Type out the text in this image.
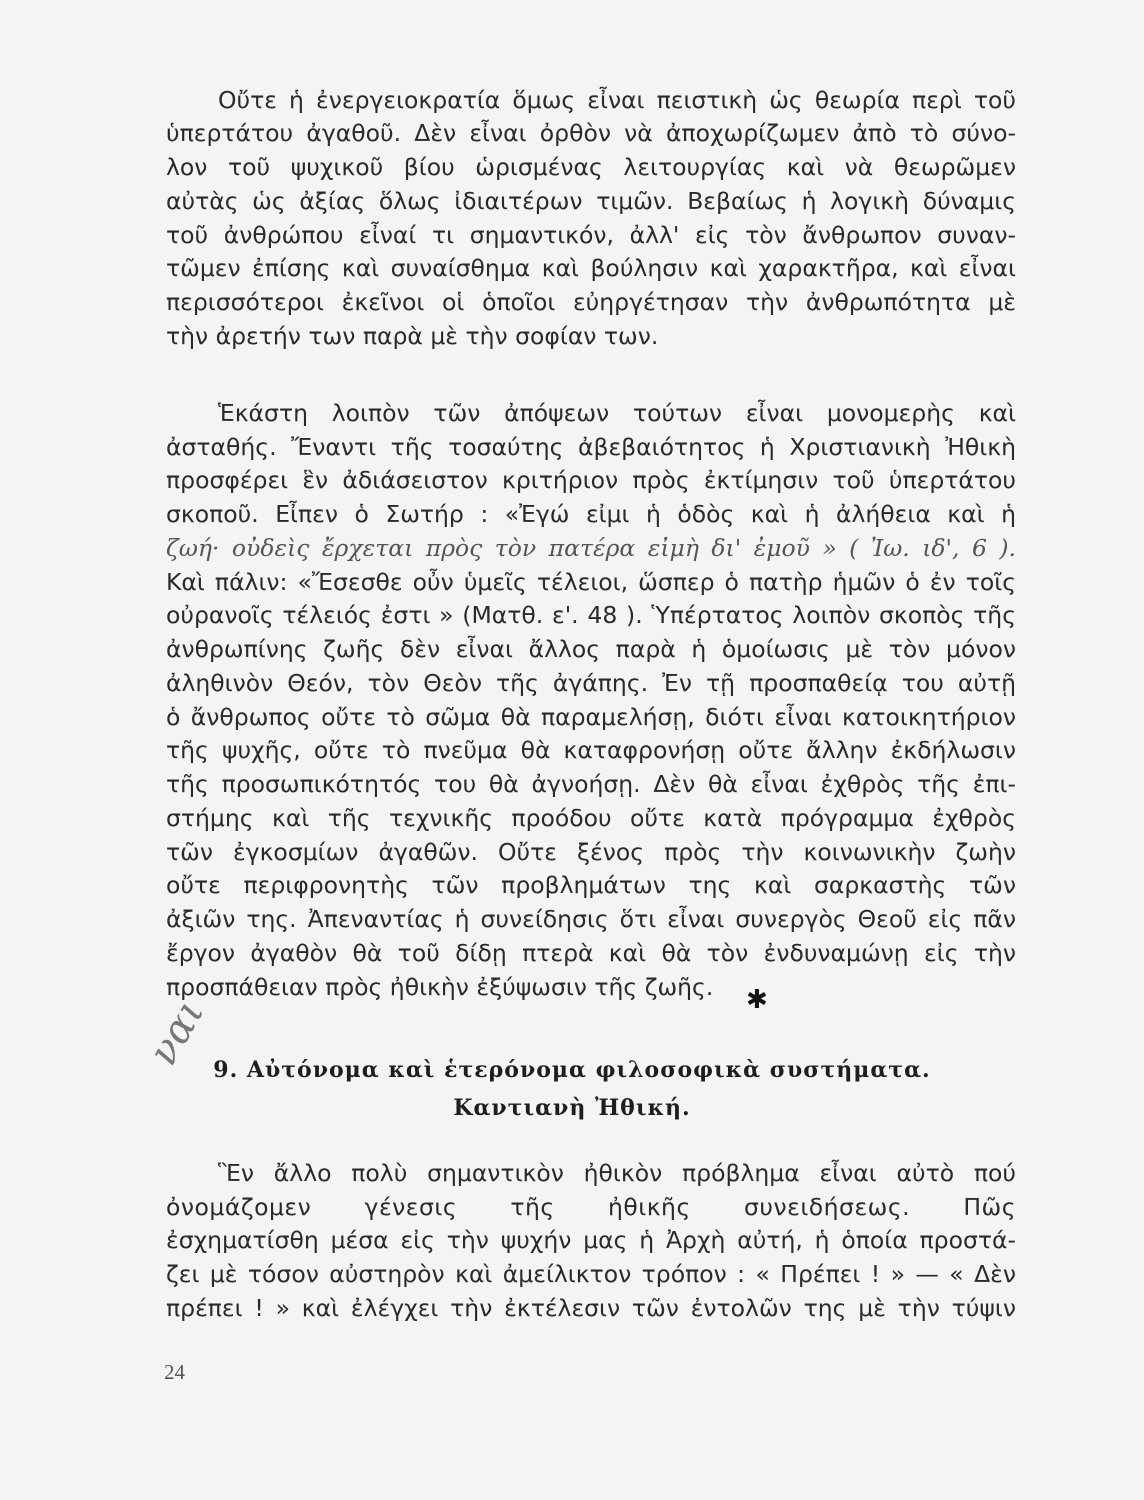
Οὔτε ἡ ἐνεργειοκρατία ὅμως εἶναι πειστικὴ ὡς θεωρία περὶ τοῦ
ὑπερτάτου ἀγαθοῦ. Δὲν εἶναι ὀρθὸν νὰ ἀποχωρίζωμεν ἀπὸ τὸ σύνο-
λον τοῦ ψυχικοῦ βίου ὡρισμένας λειτουργίας καὶ νὰ θεωρῶμεν
αὐτὰς ὡς ἀξίας ὅλως ἰδιαιτέρων τιμῶν. Βεβαίως ἡ λογικὴ δύναμις
τοῦ ἀνθρώπου εἶναί τι σημαντικόν, ἀλλ' εἰς τὸν ἄνθρωπον συναν-
τῶμεν ἐπίσης καὶ συναίσθημα καὶ βούλησιν καὶ χαρακτῆρα, καὶ εἶναι
περισσότεροι ἐκεῖνοι οἱ ὁποῖοι εὐηργέτησαν τὴν ἀνθρωπότητα μὲ
τὴν ἀρετήν των παρὰ μὲ τὴν σοφίαν των.
Ἑκάστη λοιπὸν τῶν ἀπόψεων τούτων εἶναι μονομερὴς καὶ
ἀσταθής. Ἔναντι τῆς τοσαύτης ἀβεβαιότητος ἡ Χριστιανικὴ Ἠθικὴ
προσφέρει ἓν ἀδιάσειστον κριτήριον πρὸς ἐκτίμησιν τοῦ ὑπερτάτου
σκοποῦ. Εἶπεν ὁ Σωτήρ : «Ἐγώ εἰμι ἡ ὁδὸς καὶ ἡ ἀλήθεια καὶ ἡ
ζωή· οὐδεὶς ἔρχεται πρὸς τὸν πατέρα εἰμὴ δι' ἐμοῦ » ( Ἰω. ιδ', 6 ).
Καὶ πάλιν: «Ἔσεσθε οὖν ὑμεῖς τέλειοι, ὥσπερ ὁ πατὴρ ἡμῶν ὁ ἐν τοῖς
οὐρανοῖς τέλειός ἐστι » (Ματθ. ε'. 48 ). Ὑπέρτατος λοιπὸν σκοπὸς τῆς
ἀνθρωπίνης ζωῆς δὲν εἶναι ἄλλος παρὰ ἡ ὁμοίωσις μὲ τὸν μόνον
ἀληθινὸν Θεόν, τὸν Θεὸν τῆς ἀγάπης. Ἐν τῇ προσπαθείᾳ του αὐτῇ
ὁ ἄνθρωπος οὔτε τὸ σῶμα θὰ παραμελήσῃ, διότι εἶναι κατοικητήριον
τῆς ψυχῆς, οὔτε τὸ πνεῦμα θὰ καταφρονήσῃ οὔτε ἄλλην ἐκδήλωσιν
τῆς προσωπικότητός του θὰ ἀγνοήσῃ. Δὲν θὰ εἶναι ἐχθρὸς τῆς ἐπι-
στήμης καὶ τῆς τεχνικῆς προόδου οὔτε κατὰ πρόγραμμα ἐχθρὸς
τῶν ἐγκοσμίων ἀγαθῶν. Οὔτε ξένος πρὸς τὴν κοινωνικὴν ζωὴν
οὔτε περιφρονητὴς τῶν προβλημάτων της καὶ σαρκαστὴς τῶν
ἀξιῶν της. Ἀπεναντίας ἡ συνείδησις ὅτι εἶναι συνεργὸς Θεοῦ εἰς πᾶν
ἔργον ἀγαθὸν θὰ τοῦ δίδῃ πτερὰ καὶ θὰ τὸν ἐνδυναμώνῃ εἰς τὴν
προσπάθειαν πρὸς ἠθικὴν ἐξύψωσιν τῆς ζωῆς.	✱
ναι 9. Αὐτόνομα καὶ ἑτερόνομα φιλοσοφικὰ συστήματα.
Καντιανὴ Ἠθική.
Ἓν ἄλλο πολὺ σημαντικὸν ἠθικὸν πρόβλημα εἶναι αὐτὸ πού
ὀνομάζομεν γένεσις τῆς ἠθικῆς συνειδήσεως. Πῶς
ἐσχηματίσθη μέσα εἰς τὴν ψυχήν μας ἡ Ἀρχὴ αὐτή, ἡ ὁποία προστά-
ζει μὲ τόσον αὐστηρὸν καὶ ἀμείλικτον τρόπον : « Πρέπει ! » — « Δὲν
πρέπει ! » καὶ ἐλέγχει τὴν ἐκτέλεσιν τῶν ἐντολῶν της μὲ τὴν τύψιν
24
